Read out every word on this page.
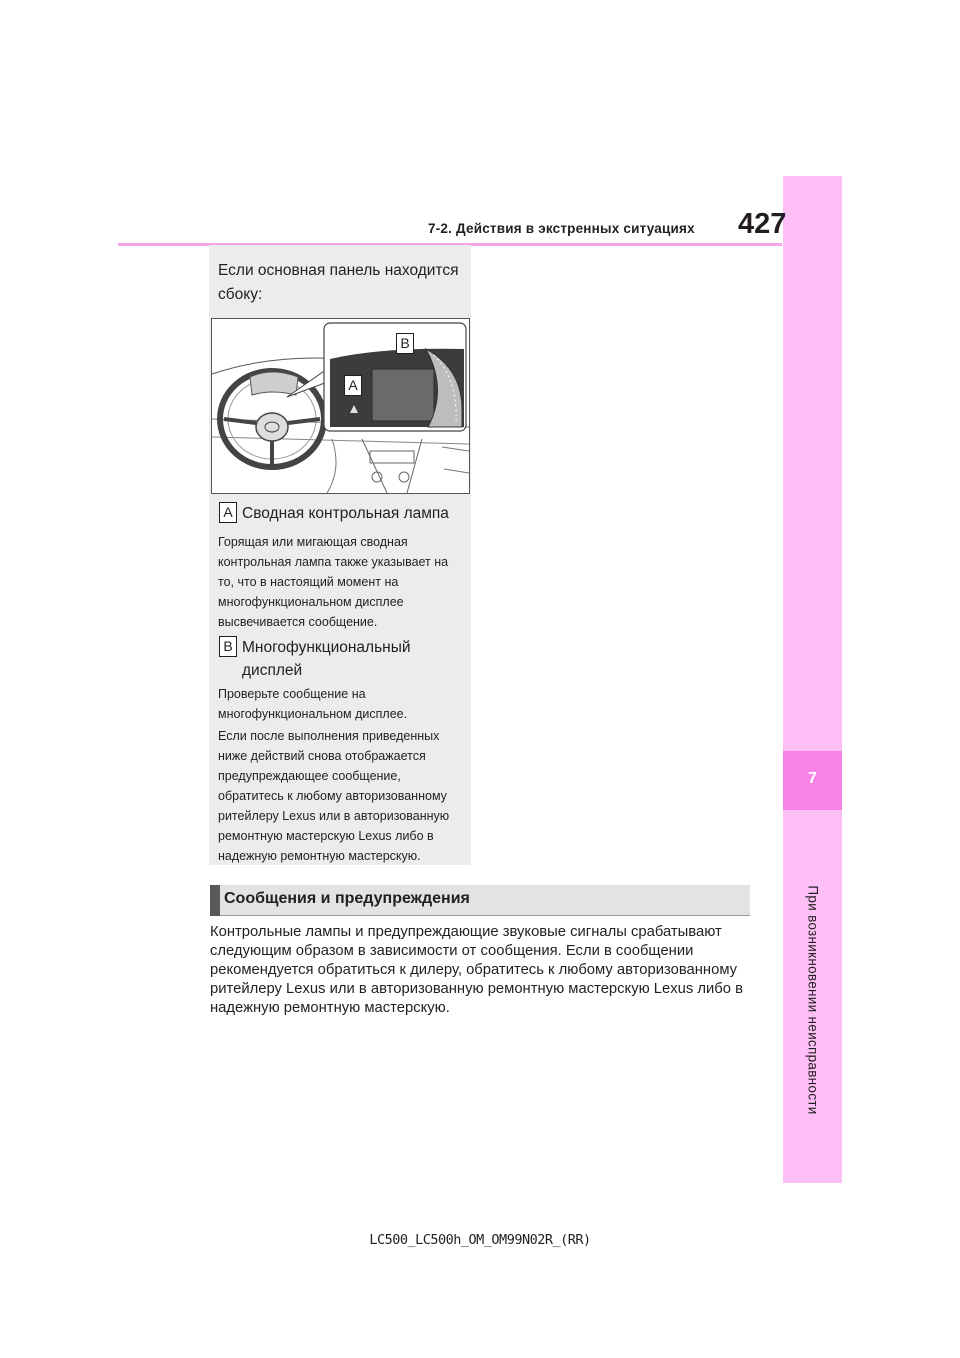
7
При возникновении неисправности
7-2. Действия в экстренных ситуациях 427
Если основная панель находится
сбоку:
B
A
A Сводная контрольная лампа
Горящая или мигающая сводная
контрольная лампа также указывает на
то, что в настоящий момент на
многофункциональном дисплее
высвечивается сообщение.
B Многофункциональный
дисплей
Проверьте сообщение на
многофункциональном дисплее.
Если после выполнения приведенных
ниже действий снова отображается
предупреждающее сообщение,
обратитесь к любому авторизованному
ритейлеру Lexus или в авторизованную
ремонтную мастерскую Lexus либо в
надежную ремонтную мастерскую.
Сообщения и предупреждения
Контрольные лампы и предупреждающие звуковые сигналы срабатывают
следующим образом в зависимости от сообщения. Если в сообщении
рекомендуется обратиться к дилеру, обратитесь к любому авторизованному
ритейлеру Lexus или в авторизованную ремонтную мастерскую Lexus либо в
надежную ремонтную мастерскую.
LC500_LC500h_OM_OM99N02R_(RR)
